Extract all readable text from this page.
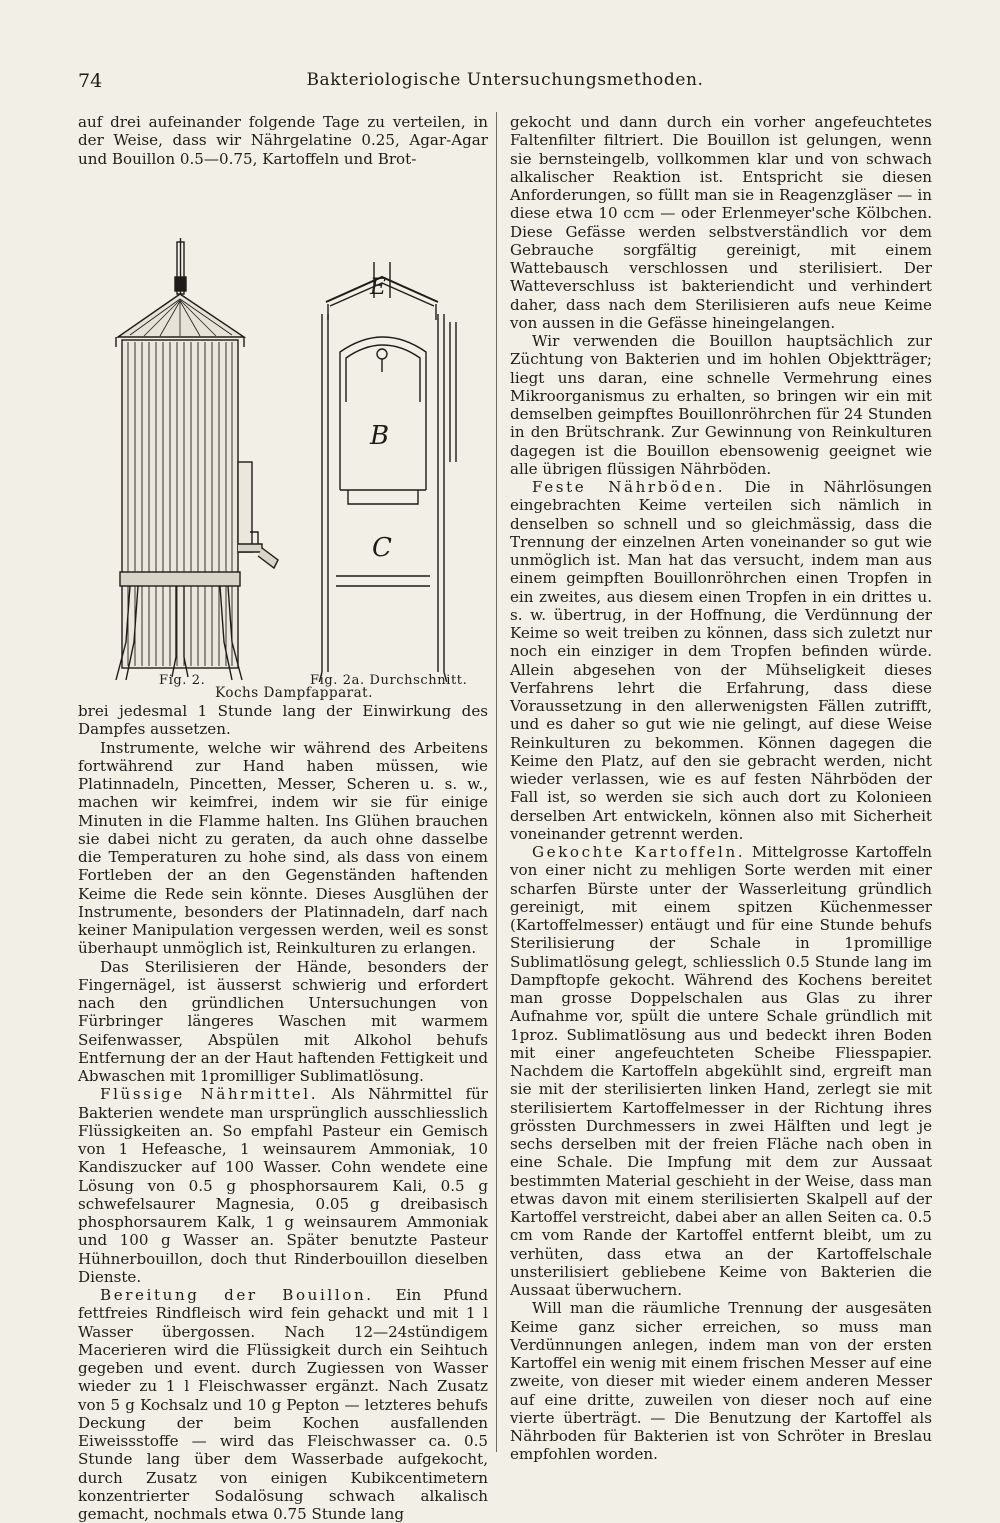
74	Bakteriologische Untersuchungsmethoden.

auf drei aufeinander folgende Tage zu verteilen, in der Weise, dass wir Nährgelatine 0.25, Agar-Agar und Bouillon 0.5—0.75, Kartoffeln und Brot-

E
B
C
Fig. 2.	Fig. 2a. Durchschnitt.

Kochs Dampfapparat.

brei jedesmal 1 Stunde lang der Einwirkung des Dampfes aussetzen.

Instrumente, welche wir während des Arbeitens fortwährend zur Hand haben müssen, wie Platinnadeln, Pincetten, Messer, Scheren u. s. w., machen wir keimfrei, indem wir sie für einige Minuten in die Flamme halten. Ins Glühen brauchen sie dabei nicht zu geraten, da auch ohne dasselbe die Temperaturen zu hohe sind, als dass von einem Fortleben der an den Gegenständen haftenden Keime die Rede sein könnte. Dieses Ausglühen der Instrumente, besonders der Platinnadeln, darf nach keiner Manipulation vergessen werden, weil es sonst überhaupt unmöglich ist, Reinkulturen zu erlangen.

Das Sterilisieren der Hände, besonders der Fingernägel, ist äusserst schwierig und erfordert nach den gründlichen Untersuchungen von Fürbringer längeres Waschen mit warmem Seifenwasser, Abspülen mit Alkohol behufs Entfernung der an der Haut haftenden Fettigkeit und Abwaschen mit 1promilliger Sublimatlösung.

Flüssige Nährmittel. Als Nährmittel für Bakterien wendete man ursprünglich ausschliesslich Flüssigkeiten an. So empfahl Pasteur ein Gemisch von 1 Hefeasche, 1 weinsaurem Ammoniak, 10 Kandiszucker auf 100 Wasser. Cohn wendete eine Lösung von 0.5 g phosphorsaurem Kali, 0.5 g schwefelsaurer Magnesia, 0.05 g dreibasisch phosphorsaurem Kalk, 1 g weinsaurem Ammoniak und 100 g Wasser an. Später benutzte Pasteur Hühnerbouillon, doch thut Rinderbouillon dieselben Dienste.

Bereitung der Bouillon. Ein Pfund fettfreies Rindfleisch wird fein gehackt und mit 1 l Wasser übergossen. Nach 12—24stündigem Macerieren wird die Flüssigkeit durch ein Seihtuch gegeben und event. durch Zugiessen von Wasser wieder zu 1 l Fleischwasser ergänzt. Nach Zusatz von 5 g Kochsalz und 10 g Pepton — letzteres behufs Deckung der beim Kochen ausfallenden Eiweissstoffe — wird das Fleischwasser ca. 0.5 Stunde lang über dem Wasserbade aufgekocht, durch Zusatz von einigen Kubikcentimetern konzentrierter Sodalösung schwach alkalisch gemacht, nochmals etwa 0.75 Stunde lang

gekocht und dann durch ein vorher angefeuchtetes Faltenfilter filtriert. Die Bouillon ist gelungen, wenn sie bernsteingelb, vollkommen klar und von schwach alkalischer Reaktion ist. Entspricht sie diesen Anforderungen, so füllt man sie in Reagenzgläser — in diese etwa 10 ccm — oder Erlenmeyer'sche Kölbchen. Diese Gefässe werden selbstverständlich vor dem Gebrauche sorgfältig gereinigt, mit einem Wattebausch verschlossen und sterilisiert. Der Watteverschluss ist bakteriendicht und verhindert daher, dass nach dem Sterilisieren aufs neue Keime von aussen in die Gefässe hineingelangen.

Wir verwenden die Bouillon hauptsächlich zur Züchtung von Bakterien und im hohlen Objektträger; liegt uns daran, eine schnelle Vermehrung eines Mikroorganismus zu erhalten, so bringen wir ein mit demselben geimpftes Bouillonröhrchen für 24 Stunden in den Brütschrank. Zur Gewinnung von Reinkulturen dagegen ist die Bouillon ebensowenig geeignet wie alle übrigen flüssigen Nährböden.

Feste Nährböden. Die in Nährlösungen eingebrachten Keime verteilen sich nämlich in denselben so schnell und so gleichmässig, dass die Trennung der einzelnen Arten voneinander so gut wie unmöglich ist. Man hat das versucht, indem man aus einem geimpften Bouillonröhrchen einen Tropfen in ein zweites, aus diesem einen Tropfen in ein drittes u. s. w. übertrug, in der Hoffnung, die Verdünnung der Keime so weit treiben zu können, dass sich zuletzt nur noch ein einziger in dem Tropfen befinden würde. Allein abgesehen von der Mühseligkeit dieses Verfahrens lehrt die Erfahrung, dass diese Voraussetzung in den allerwenigsten Fällen zutrifft, und es daher so gut wie nie gelingt, auf diese Weise Reinkulturen zu bekommen. Können dagegen die Keime den Platz, auf den sie gebracht werden, nicht wieder verlassen, wie es auf festen Nährböden der Fall ist, so werden sie sich auch dort zu Kolonieen derselben Art entwickeln, können also mit Sicherheit voneinander getrennt werden.

Gekochte Kartoffeln. Mittelgrosse Kartoffeln von einer nicht zu mehligen Sorte werden mit einer scharfen Bürste unter der Wasserleitung gründlich gereinigt, mit einem spitzen Küchenmesser (Kartoffelmesser) entäugt und für eine Stunde behufs Sterilisierung der Schale in 1promillige Sublimatlösung gelegt, schliesslich 0.5 Stunde lang im Dampftopfe gekocht. Während des Kochens bereitet man grosse Doppelschalen aus Glas zu ihrer Aufnahme vor, spült die untere Schale gründlich mit 1proz. Sublimatlösung aus und bedeckt ihren Boden mit einer angefeuchteten Scheibe Fliesspapier. Nachdem die Kartoffeln abgekühlt sind, ergreift man sie mit der sterilisierten linken Hand, zerlegt sie mit sterilisiertem Kartoffelmesser in der Richtung ihres grössten Durchmessers in zwei Hälften und legt je sechs derselben mit der freien Fläche nach oben in eine Schale. Die Impfung mit dem zur Aussaat bestimmten Material geschieht in der Weise, dass man etwas davon mit einem sterilisierten Skalpell auf der Kartoffel verstreicht, dabei aber an allen Seiten ca. 0.5 cm vom Rande der Kartoffel entfernt bleibt, um zu verhüten, dass etwa an der Kartoffelschale unsterilisiert gebliebene Keime von Bakterien die Aussaat überwuchern.

Will man die räumliche Trennung der ausgesäten Keime ganz sicher erreichen, so muss man Verdünnungen anlegen, indem man von der ersten Kartoffel ein wenig mit einem frischen Messer auf eine zweite, von dieser mit wieder einem anderen Messer auf eine dritte, zuweilen von dieser noch auf eine vierte überträgt. — Die Benutzung der Kartoffel als Nährboden für Bakterien ist von Schröter in Breslau empfohlen worden.
